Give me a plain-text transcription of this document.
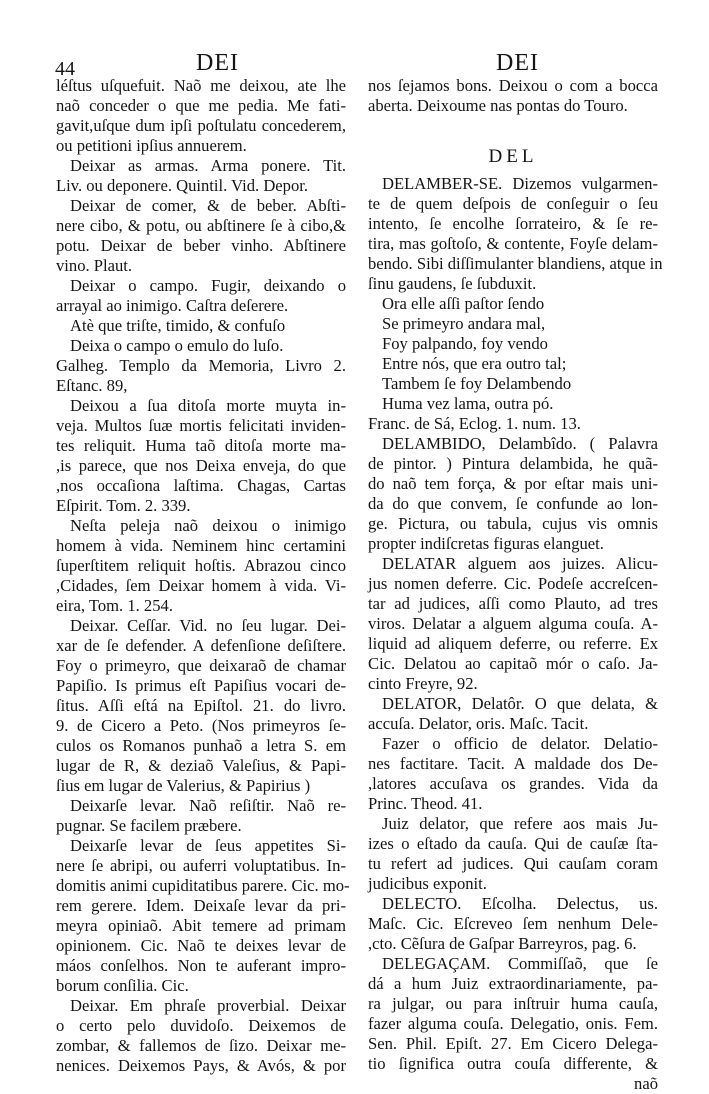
44	DEI	DEI
léſtus uſquefuit. Naõ me deixou, ate lhe
naõ conceder o que me pedia. Me fati-
gavit,uſque dum ipſi poſtulatu concederem,
ou petitioni ipſius annuerem.
Deixar as armas. Arma ponere. Tit.
Liv. ou deponere. Quintil. Vid. Depor.
Deixar de comer, & de beber. Abſti-
nere cibo, & potu, ou abſtinere ſe à cibo,&
potu. Deixar de beber vinho. Abſtinere
vino. Plaut.
Deixar o campo. Fugir, deixando o
arrayal ao inimigo. Caſtra deſerere.
Atè que triſte, timido, & confuſo
Deixa o campo o emulo do luſo.
Galheg. Templo da Memoria, Livro 2.
Eſtanc. 89,
Deixou a ſua ditoſa morte muyta in-
veja. Multos ſuæ mortis felicitati inviden-
tes reliquit. Huma taõ ditoſa morte ma-
,is parece, que nos Deixa enveja, do que
,nos occaſiona laſtima. Chagas, Cartas
Eſpirit. Tom. 2. 339.
Neſta peleja naõ deixou o inimigo
homem à vida. Neminem hinc certamini
ſuperſtitem reliquit hoſtis. Abrazou cinco
,Cidades, ſem Deixar homem à vida. Vi-
eira, Tom. 1. 254.
Deixar. Ceſſar. Vid. no ſeu lugar. Dei-
xar de ſe defender. A defenſione deſiſtere.
Foy o primeyro, que deixaraõ de chamar
Papiſio. Is primus eſt Papiſius vocari de-
ſitus. Aſſi eſtá na Epiſtol. 21. do livro.
9. de Cicero a Peto. (Nos primeyros ſe-
culos os Romanos punhaõ a letra S. em
lugar de R, & deziaõ Valeſius, & Papi-
ſius em lugar de Valerius, & Papirius )
Deixarſe levar. Naõ reſiſtir. Naõ re-
pugnar. Se facilem præbere.
Deixarſe levar de ſeus appetites Si-
nere ſe abripi, ou auferri voluptatibus. In-
domitis animi cupiditatibus parere. Cic. mo-
rem gerere. Idem. Deixaſe levar da pri-
meyra opiniaõ. Abit temere ad primam
opinionem. Cic. Naõ te deixes levar de
máos conſelhos. Non te auferant impro-
borum conſilia. Cic.
Deixar. Em phraſe proverbial. Deixar
o certo pelo duvidoſo. Deixemos de
zombar, & fallemos de ſizo. Deixar me-
nenices. Deixemos Pays, & Avós, & por
nos ſejamos bons. Deixou o com a bocca
aberta. Deixoume nas pontas do Touro.
DEL
DELAMBER-SE. Dizemos vulgarmen-
te de quem deſpois de conſeguir o ſeu
intento, ſe encolhe ſorrateiro, & ſe re-
tira, mas goſtoſo, & contente, Foyſe delam-
bendo. Sibi diſſimulanter blandiens, atque in
ſinu gaudens, ſe ſubduxit.
Ora elle aſſi paſtor ſendo
Se primeyro andara mal,
Foy palpando, foy vendo
Entre nós, que era outro tal;
Tambem ſe foy Delambendo
Huma vez lama, outra pó.
Franc. de Sá, Eclog. 1. num. 13.
DELAMBIDO, Delambîdo. ( Palavra
de pintor. ) Pintura delambida, he quã-
do naõ tem força, & por eſtar mais uni-
da do que convem, ſe confunde ao lon-
ge. Pictura, ou tabula, cujus vis omnis
propter indiſcretas figuras elanguet.
DELATAR alguem aos juizes. Alicu-
jus nomen deferre. Cic. Podeſe accreſcen-
tar ad judices, aſſi como Plauto, ad tres
viros. Delatar a alguem alguma couſa. A-
liquid ad aliquem deferre, ou referre. Ex
Cic. Delatou ao capitaõ mór o caſo. Ja-
cinto Freyre, 92.
DELATOR, Delatôr. O que delata, &
accuſa. Delator, oris. Maſc. Tacit.
Fazer o officio de delator. Delatio-
nes factitare. Tacit. A maldade dos De-
,latores accuſava os grandes. Vida da
Princ. Theod. 41.
Juiz delator, que refere aos mais Ju-
izes o eſtado da cauſa. Qui de cauſæ ſta-
tu refert ad judices. Qui cauſam coram
judicibus exponit.
DELECTO. Eſcolha. Delectus, us.
Maſc. Cic. Eſcreveo ſem nenhum Dele-
,cto. Cẽſura de Gaſpar Barreyros, pag. 6.
DELEGAÇAM. Commiſſaõ, que ſe
dá a hum Juiz extraordinariamente, pa-
ra julgar, ou para inſtruir huma cauſa,
fazer alguma couſa. Delegatio, onis. Fem.
Sen. Phil. Epiſt. 27. Em Cicero Delega-
tio ſignifica outra couſa differente, &
naõ
